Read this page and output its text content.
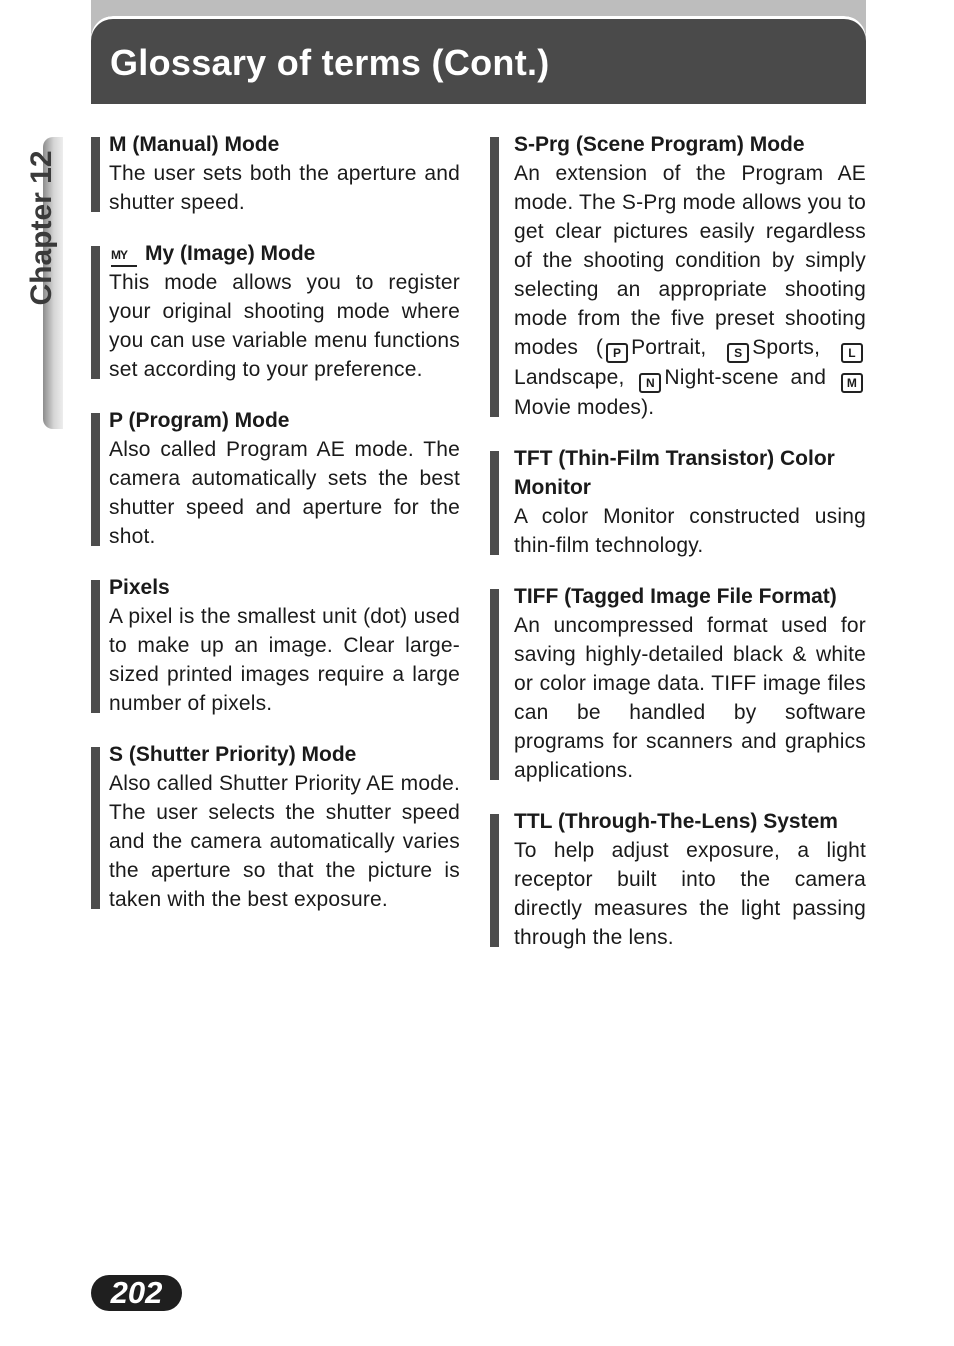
Glossary of terms (Cont.)
Chapter 12

M (Manual) Mode

The user sets both the aperture and shutter speed.

MY My (Image) Mode

This mode allows you to register your original shooting mode where you can use variable menu functions set according to your preference.

P (Program) Mode

Also called Program AE mode. The camera automatically sets the best shutter speed and aperture for the shot.

Pixels

A pixel is the smallest unit (dot) used to make up an image. Clear large-sized printed images require a large number of pixels.

S (Shutter Priority) Mode

Also called Shutter Priority AE mode. The user selects the shutter speed and the camera automatically varies the aperture so that the picture is taken with the best exposure.

S-Prg (Scene Program) Mode

An extension of the Program AE mode. The S-Prg mode allows you to get clear pictures easily regardless of the shooting condition by simply selecting an appropriate shooting mode from the five preset shooting modes ( P Portrait, S Sports, LLandscape, N Night-scene and MMovie modes).

TFT (Thin-Film Transistor) Color Monitor

A color Monitor constructed using thin-film technology.

TIFF (Tagged Image File Format)

An uncompressed format used for saving highly-detailed black & white or color image data. TIFF image files can be handled by software programs for scanners and graphics applications.

TTL (Through-The-Lens) System

To help adjust exposure, a light receptor built into the camera directly measures the light passing through the lens.

202
